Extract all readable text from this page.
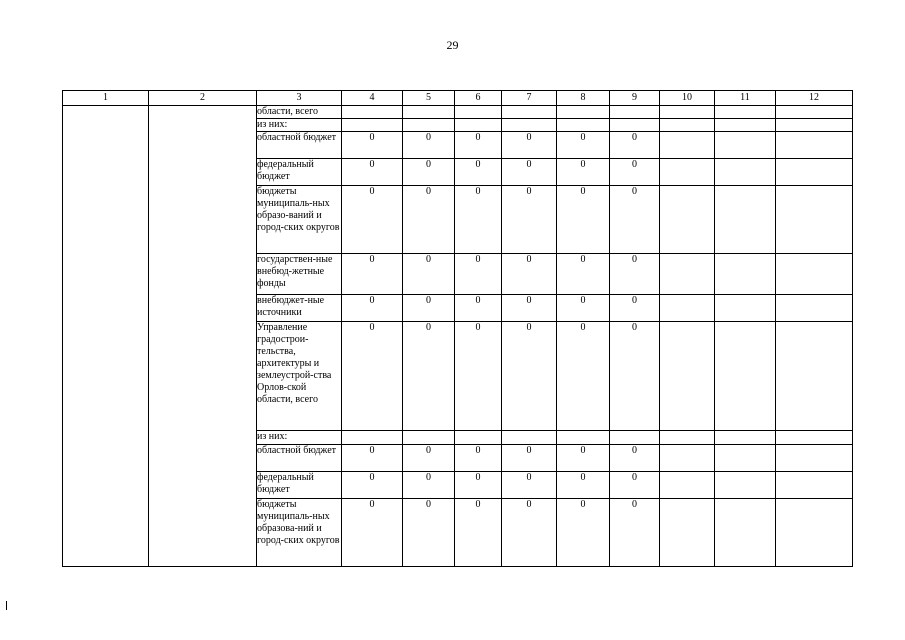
29
1	2	3	4	5	6	7	8	9	10	11	12
		области, всего									
		из них:									
		областной бюджет	0	0	0	0	0	0			
		федеральный бюджет	0	0	0	0	0	0			
		бюджеты муниципаль-ных образо-ваний и город-ских округов	0	0	0	0	0	0			
		государствен-ные внебюд-жетные фонды	0	0	0	0	0	0			
		внебюджет-ные источники	0	0	0	0	0	0			
		Управление градострои-тельства, архитектуры и землеустрой-ства Орлов-ской области, всего	0	0	0	0	0	0			
		из них:									
		областной бюджет	0	0	0	0	0	0			
		федеральный бюджет	0	0	0	0	0	0			
		бюджеты муниципаль-ных образова-ний и город-ских округов	0	0	0	0	0	0			
